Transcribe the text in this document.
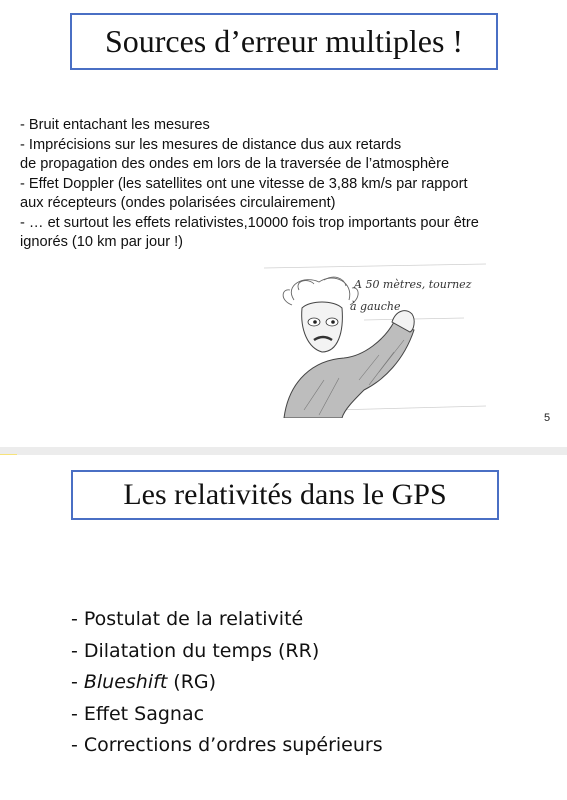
Sources d’erreur multiples !

- Bruit entachant les mesures

- Imprécisions sur les mesures de distance dus aux retards

de propagation des ondes em lors de la traversée de l’atmosphère

- Effet Doppler (les satellites ont une vitesse de 3,88 km/s par rapport

aux récepteurs (ondes polarisées circulairement)

- … et surtout les effets relativistes,10000 fois trop importants pour être

ignorés (10 km par jour !)

A 50 mètres, tournez
à gauche
5
Les relativités dans le GPS
- Postulat de la relativité
- Dilatation du temps (RR)
- Blueshift (RG)
- Effet Sagnac
- Corrections d’ordres supérieurs
